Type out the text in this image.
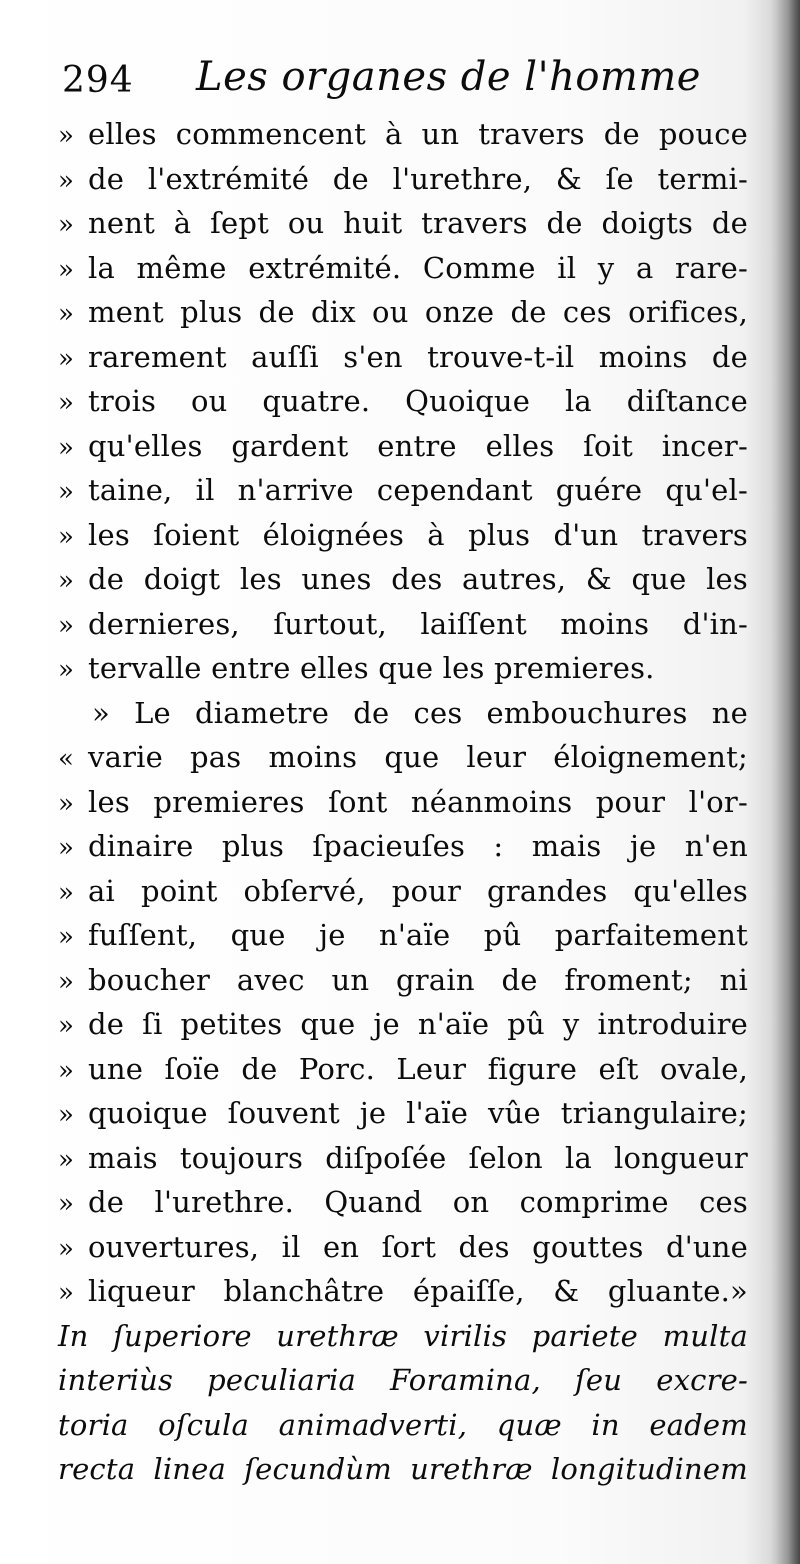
294 Les organes de l'homme
» elles commencent à un travers de pouce
» de l'extrémité de l'urethre, & ſe termi-
» nent à ſept ou huit travers de doigts de
» la même extrémité. Comme il y a rare-
» ment plus de dix ou onze de ces orifices,
» rarement auſſi s'en trouve-t-il moins de
» trois ou quatre. Quoique la diſtance
» qu'elles gardent entre elles ſoit incer-
» taine, il n'arrive cependant guére qu'el-
» les ſoient éloignées à plus d'un travers
» de doigt les unes des autres, & que les
» dernieres, ſurtout, laiſſent moins d'in-
» tervalle entre elles que les premieres.
» Le diametre de ces embouchures ne
« varie pas moins que leur éloignement;
» les premieres ſont néanmoins pour l'or-
» dinaire plus ſpacieuſes : mais je n'en
» ai point obſervé, pour grandes qu'elles
» fuſſent, que je n'aïe pû parfaitement
» boucher avec un grain de froment; ni
» de ſi petites que je n'aïe pû y introduire
» une ſoïe de Porc. Leur figure eſt ovale,
» quoique ſouvent je l'aïe vûe triangulaire;
» mais toujours diſpoſée ſelon la longueur
» de l'urethre. Quand on comprime ces
» ouvertures, il en ſort des gouttes d'une
» liqueur blanchâtre épaiſſe, & gluante.»
In ſuperiore urethræ virilis pariete multa
interiùs peculiaria Foramina, ſeu excre-
toria oſcula animadverti, quæ in eadem
recta linea ſecundùm urethræ longitudinem
